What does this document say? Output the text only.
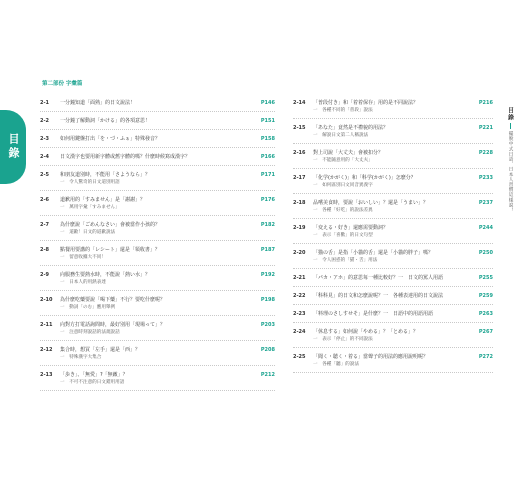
目錄
第二部份 字彙篇
2-1	一分鐘知道「面熟」的日文說法！	P146
2-2	一分鐘了解動詞「かける」的各項意思！	P151
2-3	如何用鍵盤打出「を・づ・ふぁ」特殊發音？	P158
2-4	日文漢字也要用新字體或舊字體的嗎？什麼時候寫成漢字？	P166
2-5	和朋友道別時，不能用「さようなら」？	P171
一　令人驚奇的日文道別用語
2-6	道歉用的「すみません」是「謝謝」？	P176
一　萬用字彙「すみません」
2-7	為什麼說「ごめんなさい」會被當作小孩的？	P182
一　道歉！日文的道歉說法
2-8	點餐用要講的「レシート」還是「領收書」？	P187
一　留意收據大不同！
2-9	向服務生要熱水時，不能說「熱い水」？	P192
一　日本人的用熱表達
2-10	為什麼吃藥要說「喝下藥」不行？要吃什麼呢？	P198
一　動詞「のむ」應用舉例
2-11	向對方打電話詢問時，最好別用「現場って」？	P203
一　注意時刻說話的法規說話
2-12	集合時，想買「左手」還是「西」？	P208
一　特殊漢字大集合
2-13	「歩き」、「無愛」?「無敵」？	P212
一　不可不注意的日文錯用用語
2-14	「普段付き」和「着着保存」用的是不同說法？	P216
一　各種不同的「普段」說法
2-15	「あなた」竟然是不禮貌的用法？	P221
一　解說日文第二人稱說法
2-16	對上司說「大丈夫」會被扣分？	P228
一　不能隨意用的「大丈夫」
2-17	「化学(かがく)」和「科学(かがく)」怎麼分？	P233
一　如何區別日文同音異義字
2-18	品嚐美食時，要說「おいしい」？還是「うまい」？	P237
一　各種「好吃」的說法差異
2-19	「変える・好き」還應需要動詞？	P244
一　表示「喜歡」的日文句型
2-20	「猫の舌」是指「小貓的舌」還是「小貓的胖子」嗎？	P250
一　令人困惑的「猫・舌」用法
2-21	「パカ・アホ」的意思每一種比較好？一　日文的罵人用語	P255
2-22	「科科見」的日文和怎麼說呢？一　各種表達用的日文說法	P259
2-23	「料理のさしすせそ」是什麼？一　日語中的用語用語	P263
2-24	「休息する」如何說「やめる」？「とめる」？	P267
一　表示「停止」的不同說法
2-25	「聞く・聴く・着る」當聲子的用法的應用說明呢？	P272
一　各種「聽」的說法
目錄
擺脫中式日語，日本人習慣這樣說！
